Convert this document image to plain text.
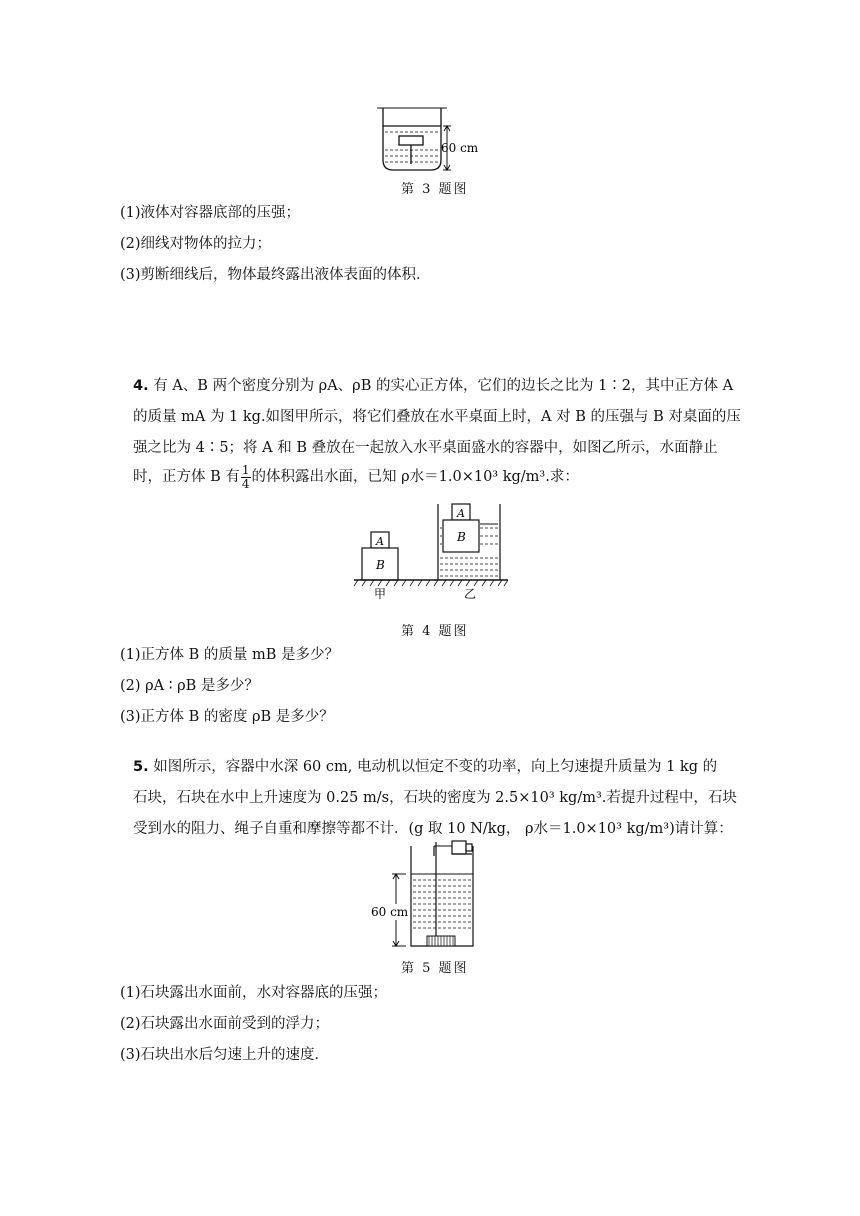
60 cm
第 3 题图
(1)液体对容器底部的压强；
(2)细线对物体的拉力；
(3)剪断细线后，物体最终露出液体表面的体积．
4. 有 A、B 两个密度分别为 ρA、ρB 的实心正方体，它们的边长之比为 1∶2，其中正方体 A
的质量 mA 为 1 kg.如图甲所示，将它们叠放在水平桌面上时，A 对 B 的压强与 B 对桌面的压
强之比为 4∶5；将 A 和 B 叠放在一起放入水平桌面盛水的容器中，如图乙所示，水面静止
时，正方体 B 有 $\frac{1}{4}$ 的体积露出水面，已知 ρ水＝1.0×10³ kg/m³.求：
A
B
A
B
甲	乙
第 4 题图
(1)正方体 B 的质量 mB 是多少？
(2) ρA ∶ ρB 是多少？
(3)正方体 B 的密度 ρB 是多少？
5. 如图所示，容器中水深 60 cm, 电动机以恒定不变的功率，向上匀速提升质量为 1 kg 的
石块，石块在水中上升速度为 0.25 m/s，石块的密度为 2.5×10³ kg/m³.若提升过程中，石块
受到水的阻力、绳子自重和摩擦等都不计．(g 取 10 N/kg， ρ水＝1.0×10³ kg/m³)请计算：
60 cm
第 5 题图
(1)石块露出水面前，水对容器底的压强；
(2)石块露出水面前受到的浮力；
(3)石块出水后匀速上升的速度．
